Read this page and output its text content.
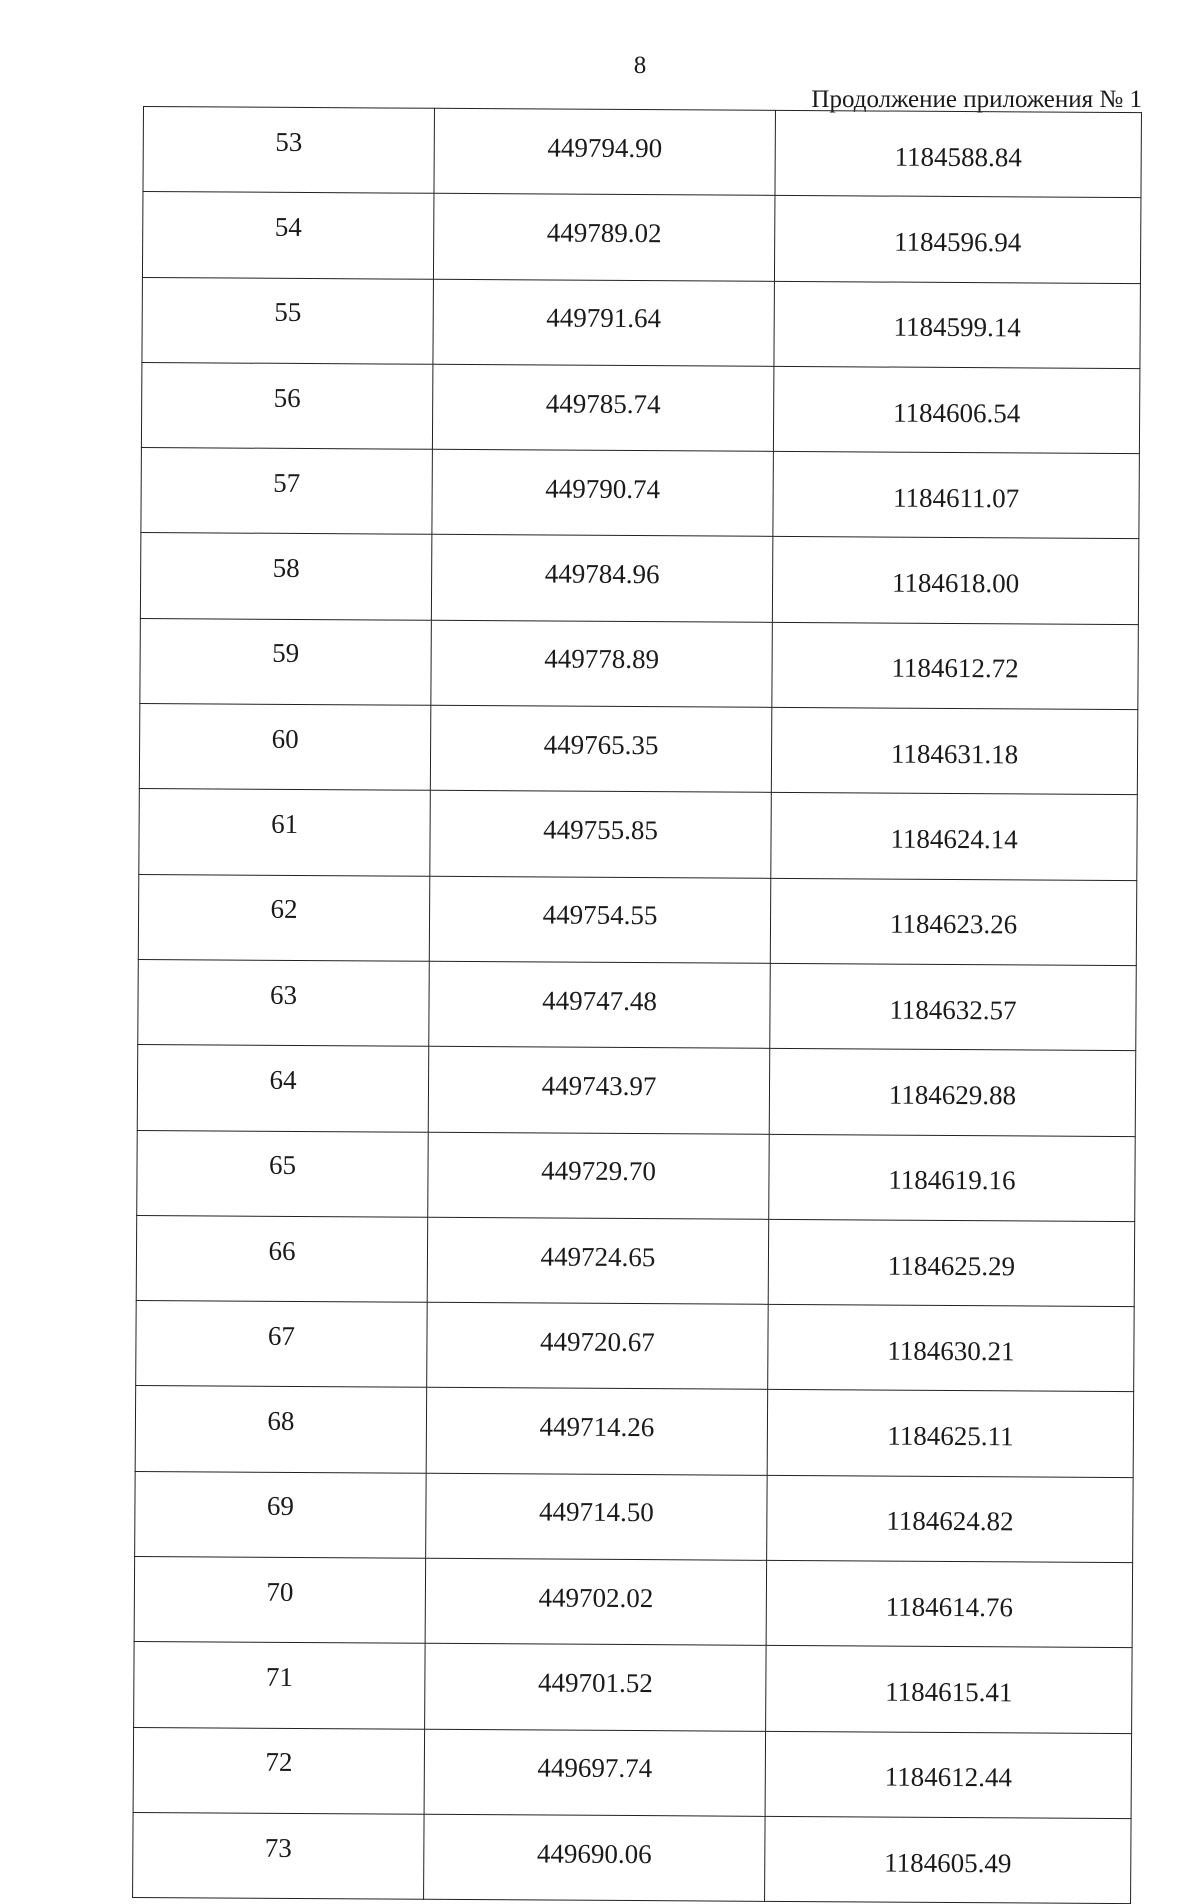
8
Продолжение приложения № 1
53	449794.90	1184588.84
54	449789.02	1184596.94
55	449791.64	1184599.14
56	449785.74	1184606.54
57	449790.74	1184611.07
58	449784.96	1184618.00
59	449778.89	1184612.72
60	449765.35	1184631.18
61	449755.85	1184624.14
62	449754.55	1184623.26
63	449747.48	1184632.57
64	449743.97	1184629.88
65	449729.70	1184619.16
66	449724.65	1184625.29
67	449720.67	1184630.21
68	449714.26	1184625.11
69	449714.50	1184624.82
70	449702.02	1184614.76
71	449701.52	1184615.41
72	449697.74	1184612.44
73	449690.06	1184605.49
